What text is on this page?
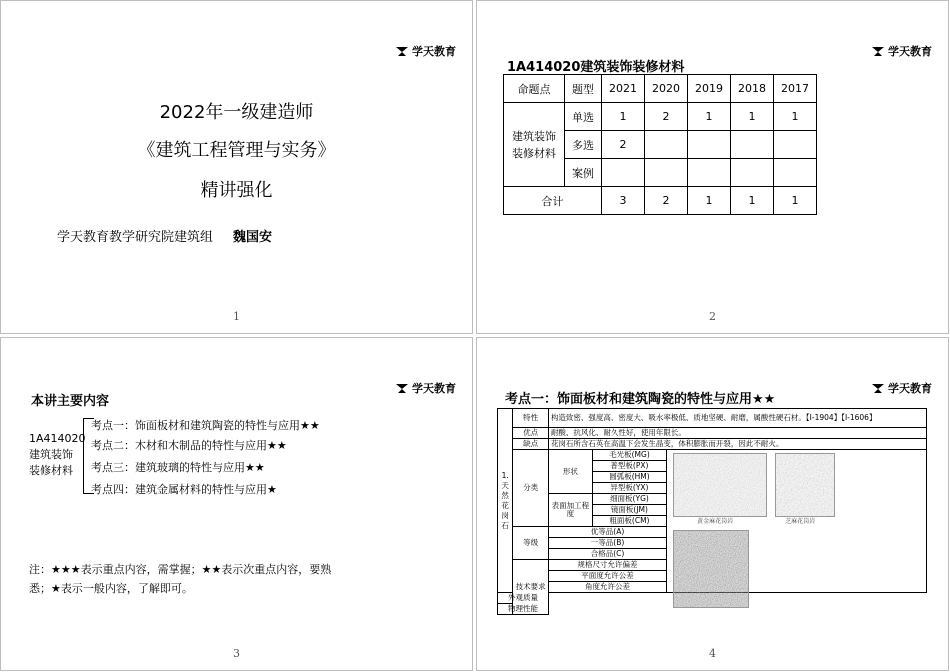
学天教育
2022年一级建造师
《建筑工程管理与实务》
精讲强化
学天教育教学研究院建筑组 魏国安
1
学天教育
1A414020建筑装饰装修材料
命题点	题型	2021	2020	2019	2018	2017
建筑装饰装修材料	单选	1	2	1	1	1
	多选	2				
	案例					
合计		3	2	1	1	1
2
学天教育
本讲主要内容
1A414020建筑装饰装修材料
考点一：饰面板材和建筑陶瓷的特性与应用★★
考点二：木材和木制品的特性与应用★★
考点三：建筑玻璃的特性与应用★★
考点四：建筑金属材料的特性与应用★
注：★★★表示重点内容，需掌握；★★表示次重点内容，要熟悉；★表示一般内容，了解即可。
3
学天教育
考点一：饰面板材和建筑陶瓷的特性与应用★★
1.天然花岗石	特性	构造致密、强度高、密度大、吸水率极低、质地坚硬、耐磨，属酸性硬石材。【Ⅰ-1904】【Ⅰ-1606】		
	优点	耐酸、抗风化、耐久性好，使用年限长。		
	缺点	花岗石所含石英在高温下会发生晶变，体积膨胀而开裂，因此不耐火。		
	分类	形状	毛光板(MG)	黄金麻花岗岩 芝麻花岗岩

			普型板(PX)	
			圆弧板(HM)	
			异型板(YX)	
		表面加工程度	细面板(YG)	
			镜面板(JM)	
			粗面板(CM)	
	等级	优等品(A)		
		一等品(B)		
		合格品(C)		
	技术要求	规格尺寸允许偏差		
		平面度允许公差		
		角度允许公差		
外观质量				
物理性能				
4
